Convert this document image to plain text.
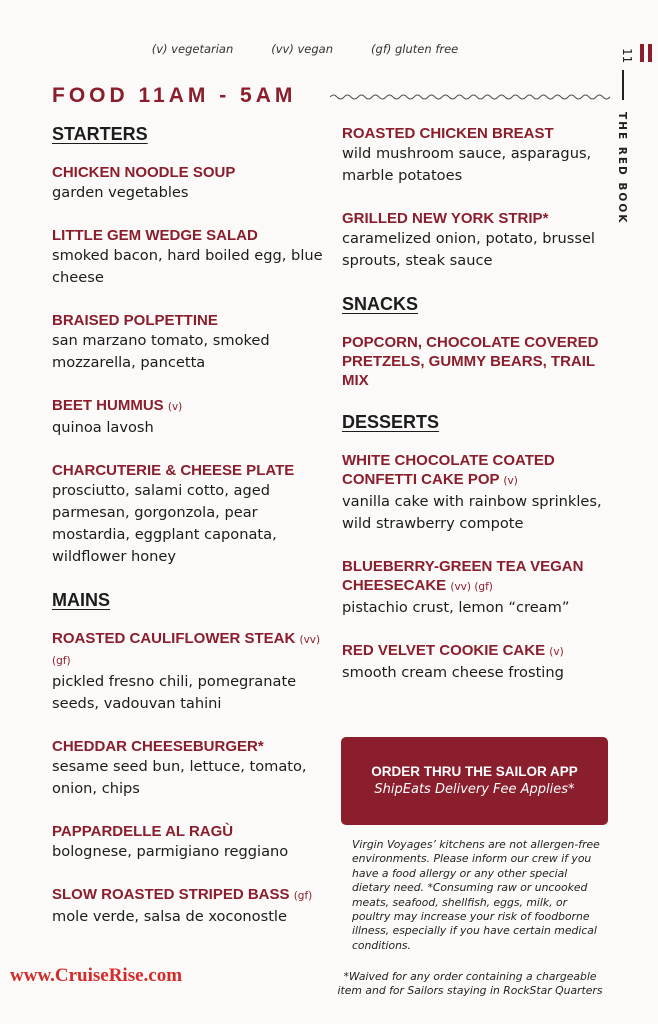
(v) vegetarian	(vv) vegan	(gf) gluten free
FOOD 11AM - 5AM
11
THE RED BOOK
STARTERS
CHICKEN NOODLE SOUP
garden vegetables
LITTLE GEM WEDGE SALAD
smoked bacon, hard boiled egg, blue cheese
BRAISED POLPETTINE
san marzano tomato, smoked mozzarella, pancetta
BEET HUMMUS (v)
quinoa lavosh
CHARCUTERIE & CHEESE PLATE
prosciutto, salami cotto, aged parmesan, gorgonzola, pear mostardia, eggplant caponata, wildflower honey
MAINS
ROASTED CAULIFLOWER STEAK (vv) (gf)
pickled fresno chili, pomegranate seeds, vadouvan tahini
CHEDDAR CHEESEBURGER*
sesame seed bun, lettuce, tomato, onion, chips
PAPPARDELLE AL RAGÙ
bolognese, parmigiano reggiano
SLOW ROASTED STRIPED BASS (gf)
mole verde, salsa de xoconostle
ROASTED CHICKEN BREAST
wild mushroom sauce, asparagus, marble potatoes
GRILLED NEW YORK STRIP*
caramelized onion, potato, brussel sprouts, steak sauce
SNACKS
POPCORN, CHOCOLATE COVERED PRETZELS, GUMMY BEARS, TRAIL MIX
DESSERTS
WHITE CHOCOLATE COATED CONFETTI CAKE POP (v)
vanilla cake with rainbow sprinkles, wild strawberry compote
BLUEBERRY-GREEN TEA VEGAN CHEESECAKE (vv) (gf)
pistachio crust, lemon “cream”
RED VELVET COOKIE CAKE (v)
smooth cream cheese frosting
ORDER THRU THE SAILOR APP
ShipEats Delivery Fee Applies*
Virgin Voyages’ kitchens are not allergen-free environments. Please inform our crew if you have a food allergy or any other special dietary need. *Consuming raw or uncooked meats, seafood, shellfish, eggs, milk, or poultry may increase your risk of foodborne illness, especially if you have certain medical conditions.
*Waived for any order containing a chargeable item and for Sailors staying in RockStar Quarters
www.CruiseRise.com
